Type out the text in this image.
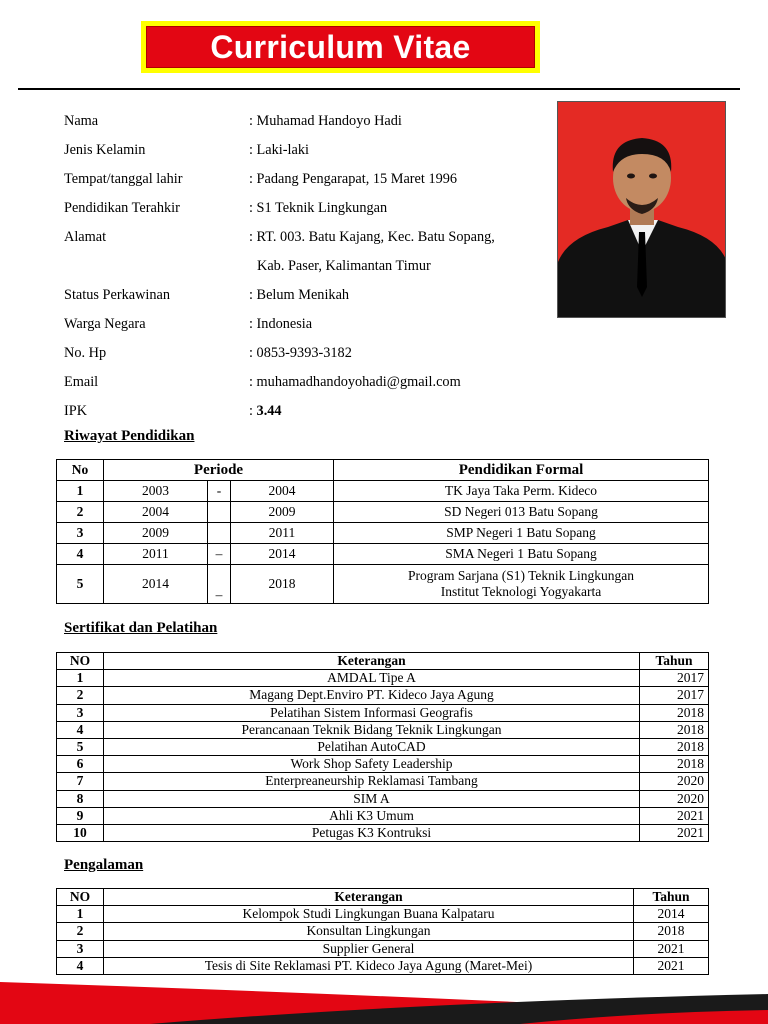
Curriculum Vitae
Nama	: Muhamad Handoyo Hadi
Jenis Kelamin	: Laki-laki
Tempat/tanggal lahir	: Padang Pengarapat, 15 Maret 1996
Pendidikan Terahkir	: S1 Teknik Lingkungan
Alamat	: RT. 003. Batu Kajang, Kec. Batu Sopang,
Kab. Paser, Kalimantan Timur
Status Perkawinan	: Belum Menikah
Warga Negara	: Indonesia
No. Hp	: 0853-9393-3182
Email	: muhamadhandoyohadi@gmail.com
IPK	: 3.44
Riwayat Pendidikan
No	Periode			Pendidikan Formal
1	2003	-	2004	TK Jaya Taka Perm. Kideco
2	2004		2009	SD Negeri 013 Batu Sopang
3	2009		2011	SMP Negeri 1 Batu Sopang
4	2011	–	2014	SMA Negeri 1 Batu Sopang
5	2014	–	2018	Program Sarjana (S1) Teknik Lingkungan
Institut Teknologi Yogyakarta
Sertifikat dan Pelatihan
NO	Keterangan	Tahun
1	AMDAL Tipe A	2017
2	Magang Dept.Enviro PT. Kideco Jaya Agung	2017
3	Pelatihan Sistem Informasi Geografis	2018
4	Perancanaan Teknik Bidang Teknik Lingkungan	2018
5	Pelatihan AutoCAD	2018
6	Work Shop Safety Leadership	2018
7	Enterpreaneurship Reklamasi Tambang	2020
8	SIM A	2020
9	Ahli K3 Umum	2021
10	Petugas K3 Kontruksi	2021
Pengalaman
NO	Keterangan	Tahun
1	Kelompok Studi Lingkungan Buana Kalpataru	2014
2	Konsultan Lingkungan	2018
3	Supplier General	2021
4	Tesis di Site Reklamasi PT. Kideco Jaya Agung (Maret-Mei)	2021
